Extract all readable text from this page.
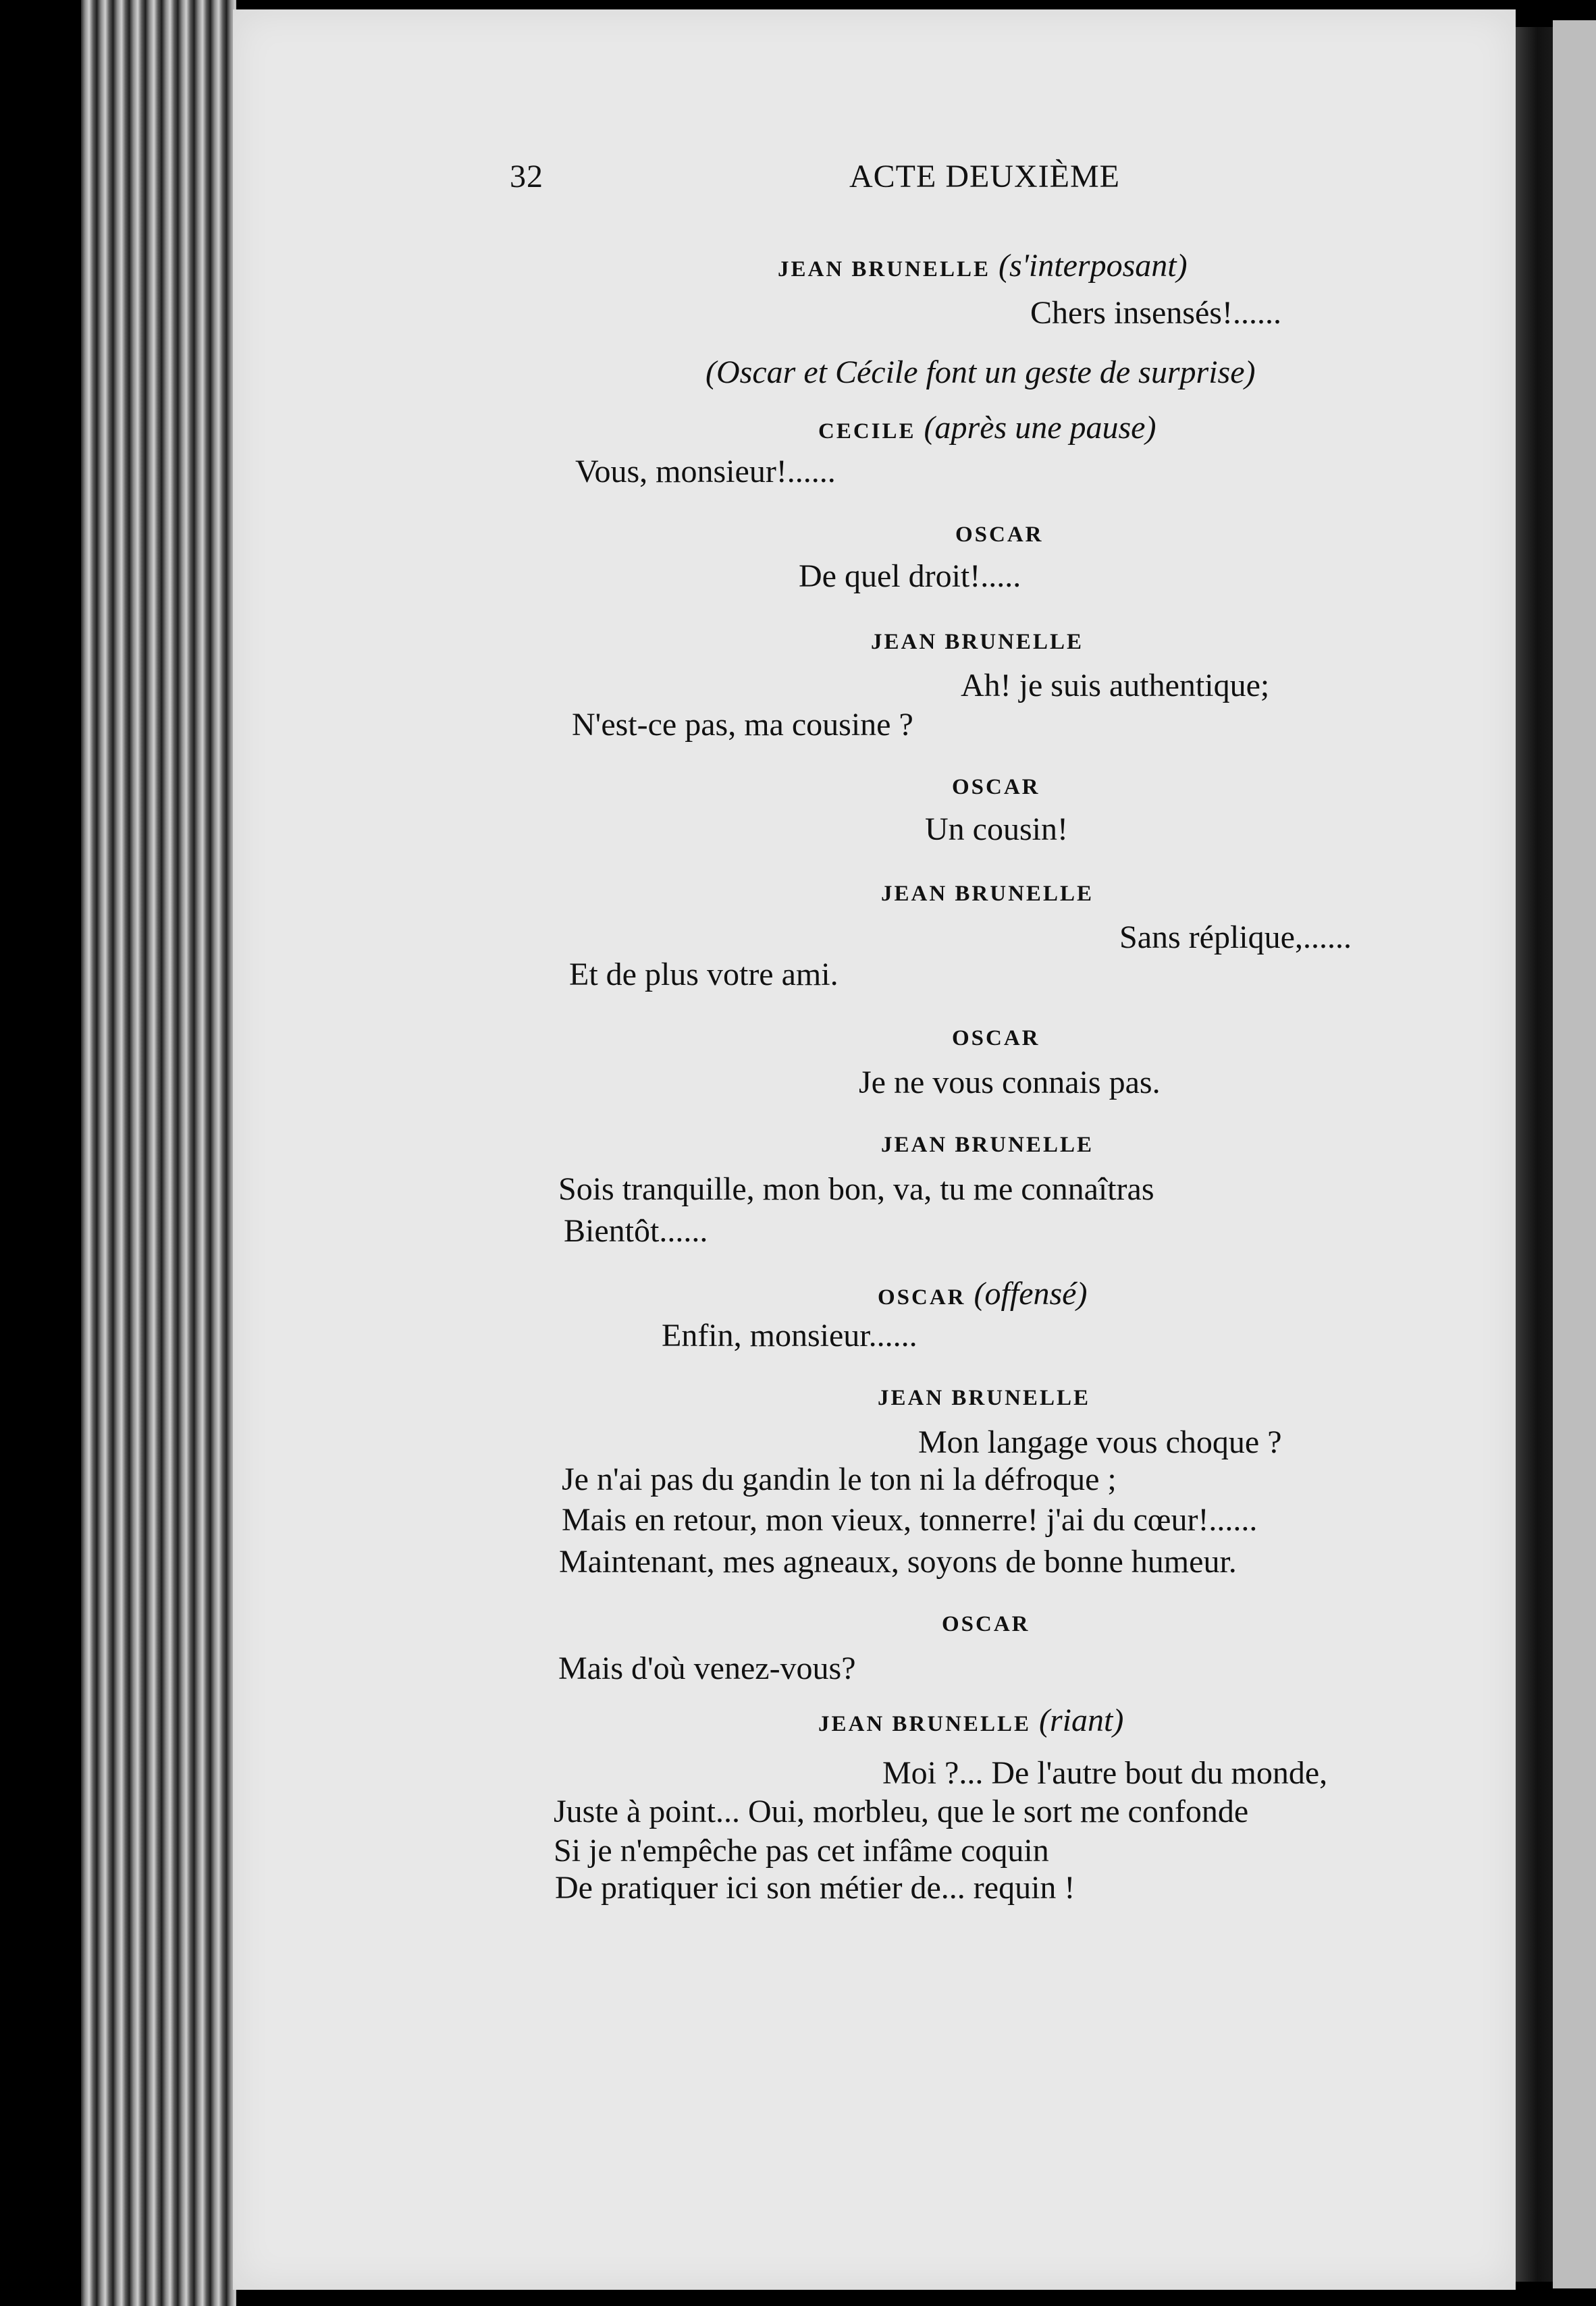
32	ACTE DEUXIÈME

JEAN BRUNELLE (s'interposant)

Chers insensés!......

(Oscar et Cécile font un geste de surprise)

CECILE (après une pause)

Vous, monsieur!......

OSCAR

De quel droit!.....

JEAN BRUNELLE

Ah! je suis authentique;

N'est-ce pas, ma cousine ?

OSCAR

Un cousin!

JEAN BRUNELLE

Sans réplique,......

Et de plus votre ami.

OSCAR

Je ne vous connais pas.

JEAN BRUNELLE

Sois tranquille, mon bon, va, tu me connaîtras

Bientôt......

OSCAR (offensé)

Enfin, monsieur......

JEAN BRUNELLE

Mon langage vous choque ?

Je n'ai pas du gandin le ton ni la défroque ;

Mais en retour, mon vieux, tonnerre! j'ai du cœur!......

Maintenant, mes agneaux, soyons de bonne humeur.

OSCAR

Mais d'où venez-vous?

JEAN BRUNELLE (riant)

Moi ?... De l'autre bout du monde,

Juste à point... Oui, morbleu, que le sort me confonde

Si je n'empêche pas cet infâme coquin

De pratiquer ici son métier de... requin !
